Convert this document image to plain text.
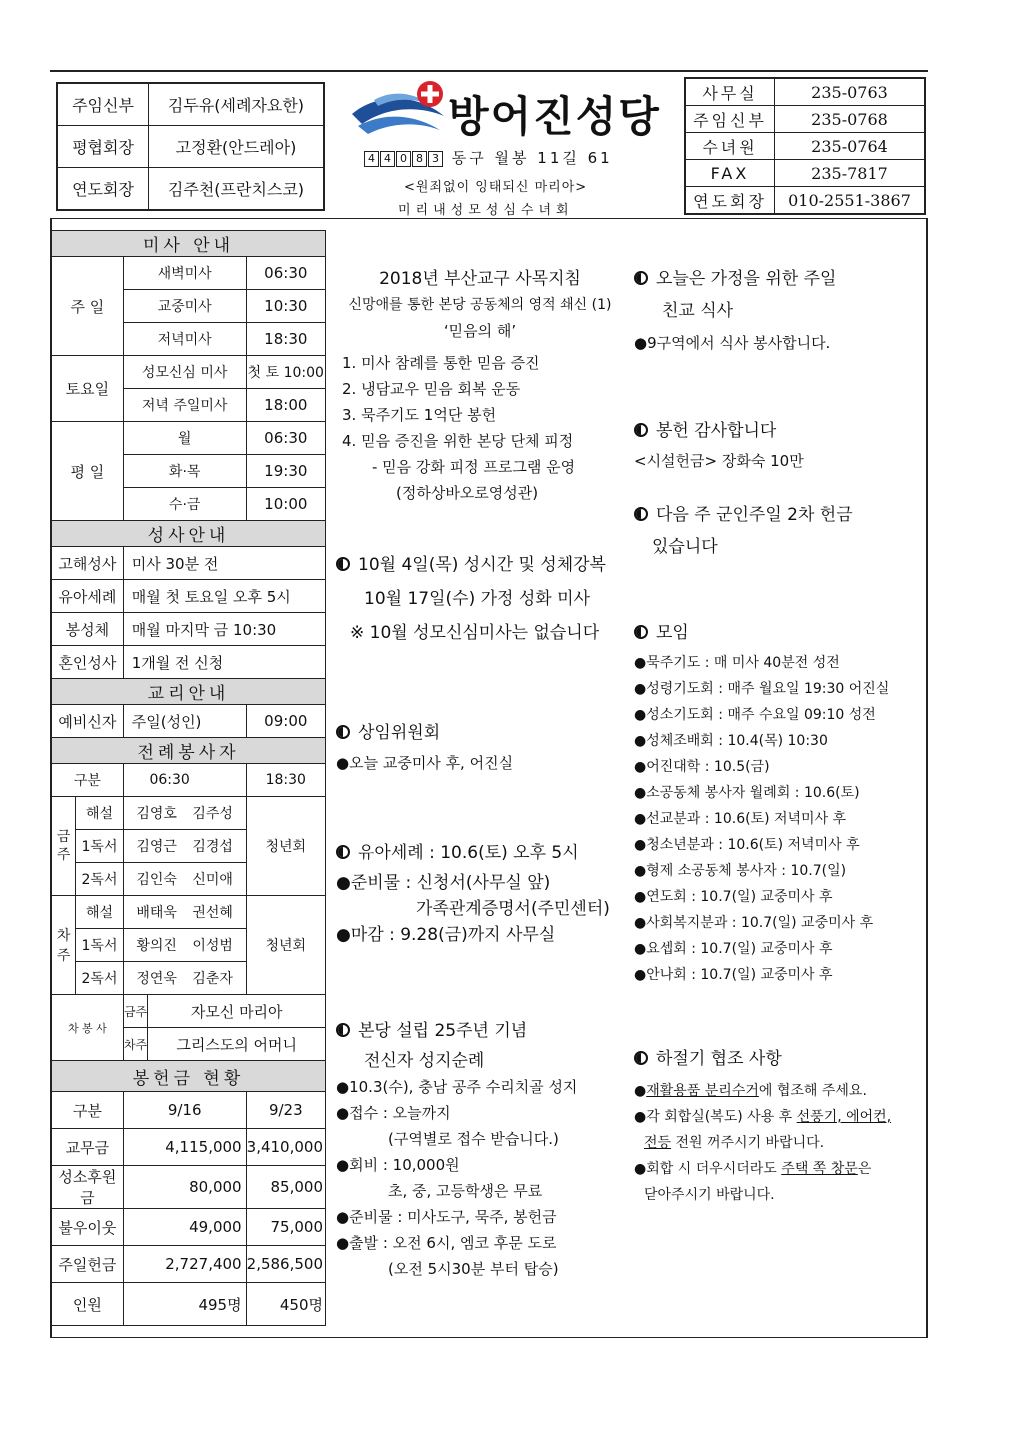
주임신부	김두유(세례자요한)
평협회장	고정환(안드레아)
연도회장	김주천(프란치스코)
방어진성당
4 4 0 8 3 동구 월봉 11길 61
<원죄없이 잉태되신 마리아>
미리내성모성심수녀회
사무실	235-0763
주임신부	235-0768
수녀원	235-0764
FAX	235-7817
연도회장	010-2551-3867
미사 안내				
주 일		새벽미사		06:30
		교중미사		10:30
		저녁미사		18:30
토요일		성모신심 미사		첫 토 10:00
		저녁 주일미사		18:00
평 일		월		06:30
		화·목		19:30
		수·금		10:00
성사안내				
고해성사		미사 30분 전		
유아세례		매월 첫 토요일 오후 5시		
봉성체		매월 마지막 금 10:30		
혼인성사		1개월 전 신청		
교리안내				
예비신자		주일(성인)		09:00
전례봉사자				
구분		06:30		18:30
금주	해설	김영호 김주성		청년회
	1독서	김영근 김경섭		
	2독서	김인숙 신미애		
차주	해설	배태욱 권선혜		청년회
	1독서	황의진 이성범		
	2독서	정연욱 김춘자		
차 봉 사		금주	자모신 마리아	
		차주	그리스도의 어머니	
봉헌금 현황				
구분		9/16		9/23
교무금		4,115,000		3,410,000
성소후원금		80,000		85,000
불우이웃		49,000		75,000
주일헌금		2,727,400		2,586,500
인원		495명		450명

2018년 부산교구 사목지침

신망애를 통한 본당 공동체의 영적 쇄신 (1)

‘믿음의 해’

1. 미사 참례를 통한 믿음 증진

2. 냉담교우 믿음 회복 운동

3. 묵주기도 1억단 봉헌

4. 믿음 증진을 위한 본당 단체 피정

- 믿음 강화 피정 프로그램 운영

(정하상바오로영성관)

10월 4일(목) 성시간 및 성체강복

10월 17일(수) 가정 성화 미사

※ 10월 성모신심미사는 없습니다

상임위원회

●오늘 교중미사 후, 어진실

유아세례 : 10.6(토) 오후 5시

●준비물 : 신청서(사무실 앞)

가족관계증명서(주민센터)

●마감 : 9.28(금)까지 사무실

본당 설립 25주년 기념

전신자 성지순례

●10.3(수), 충남 공주 수리치골 성지

●접수 : 오늘까지

(구역별로 접수 받습니다.)

●회비 : 10,000원

초, 중, 고등학생은 무료

●준비물 : 미사도구, 묵주, 봉헌금

●출발 : 오전 6시, 엠코 후문 도로

(오전 5시30분 부터 탑승)

오늘은 가정을 위한 주일

친교 식사

●9구역에서 식사 봉사합니다.

봉헌 감사합니다

<시설헌금> 장화숙 10만

다음 주 군인주일 2차 헌금

있습니다

모임

●묵주기도 : 매 미사 40분전 성전

●성령기도회 : 매주 월요일 19:30 어진실

●성소기도회 : 매주 수요일 09:10 성전

●성체조배회 : 10.4(목) 10:30

●어진대학 : 10.5(금)

●소공동체 봉사자 월례회 : 10.6(토)

●선교분과 : 10.6(토) 저녁미사 후

●청소년분과 : 10.6(토) 저녁미사 후

●형제 소공동체 봉사자 : 10.7(일)

●연도회 : 10.7(일) 교중미사 후

●사회복지분과 : 10.7(일) 교중미사 후

●요셉회 : 10.7(일) 교중미사 후

●안나회 : 10.7(일) 교중미사 후

하절기 협조 사항

●재활용품 분리수거에 협조해 주세요.

●각 회합실(복도) 사용 후 선풍기, 에어컨,

전등 전원 꺼주시기 바랍니다.

●회합 시 더우시더라도 주택 쪽 창문은

닫아주시기 바랍니다.
